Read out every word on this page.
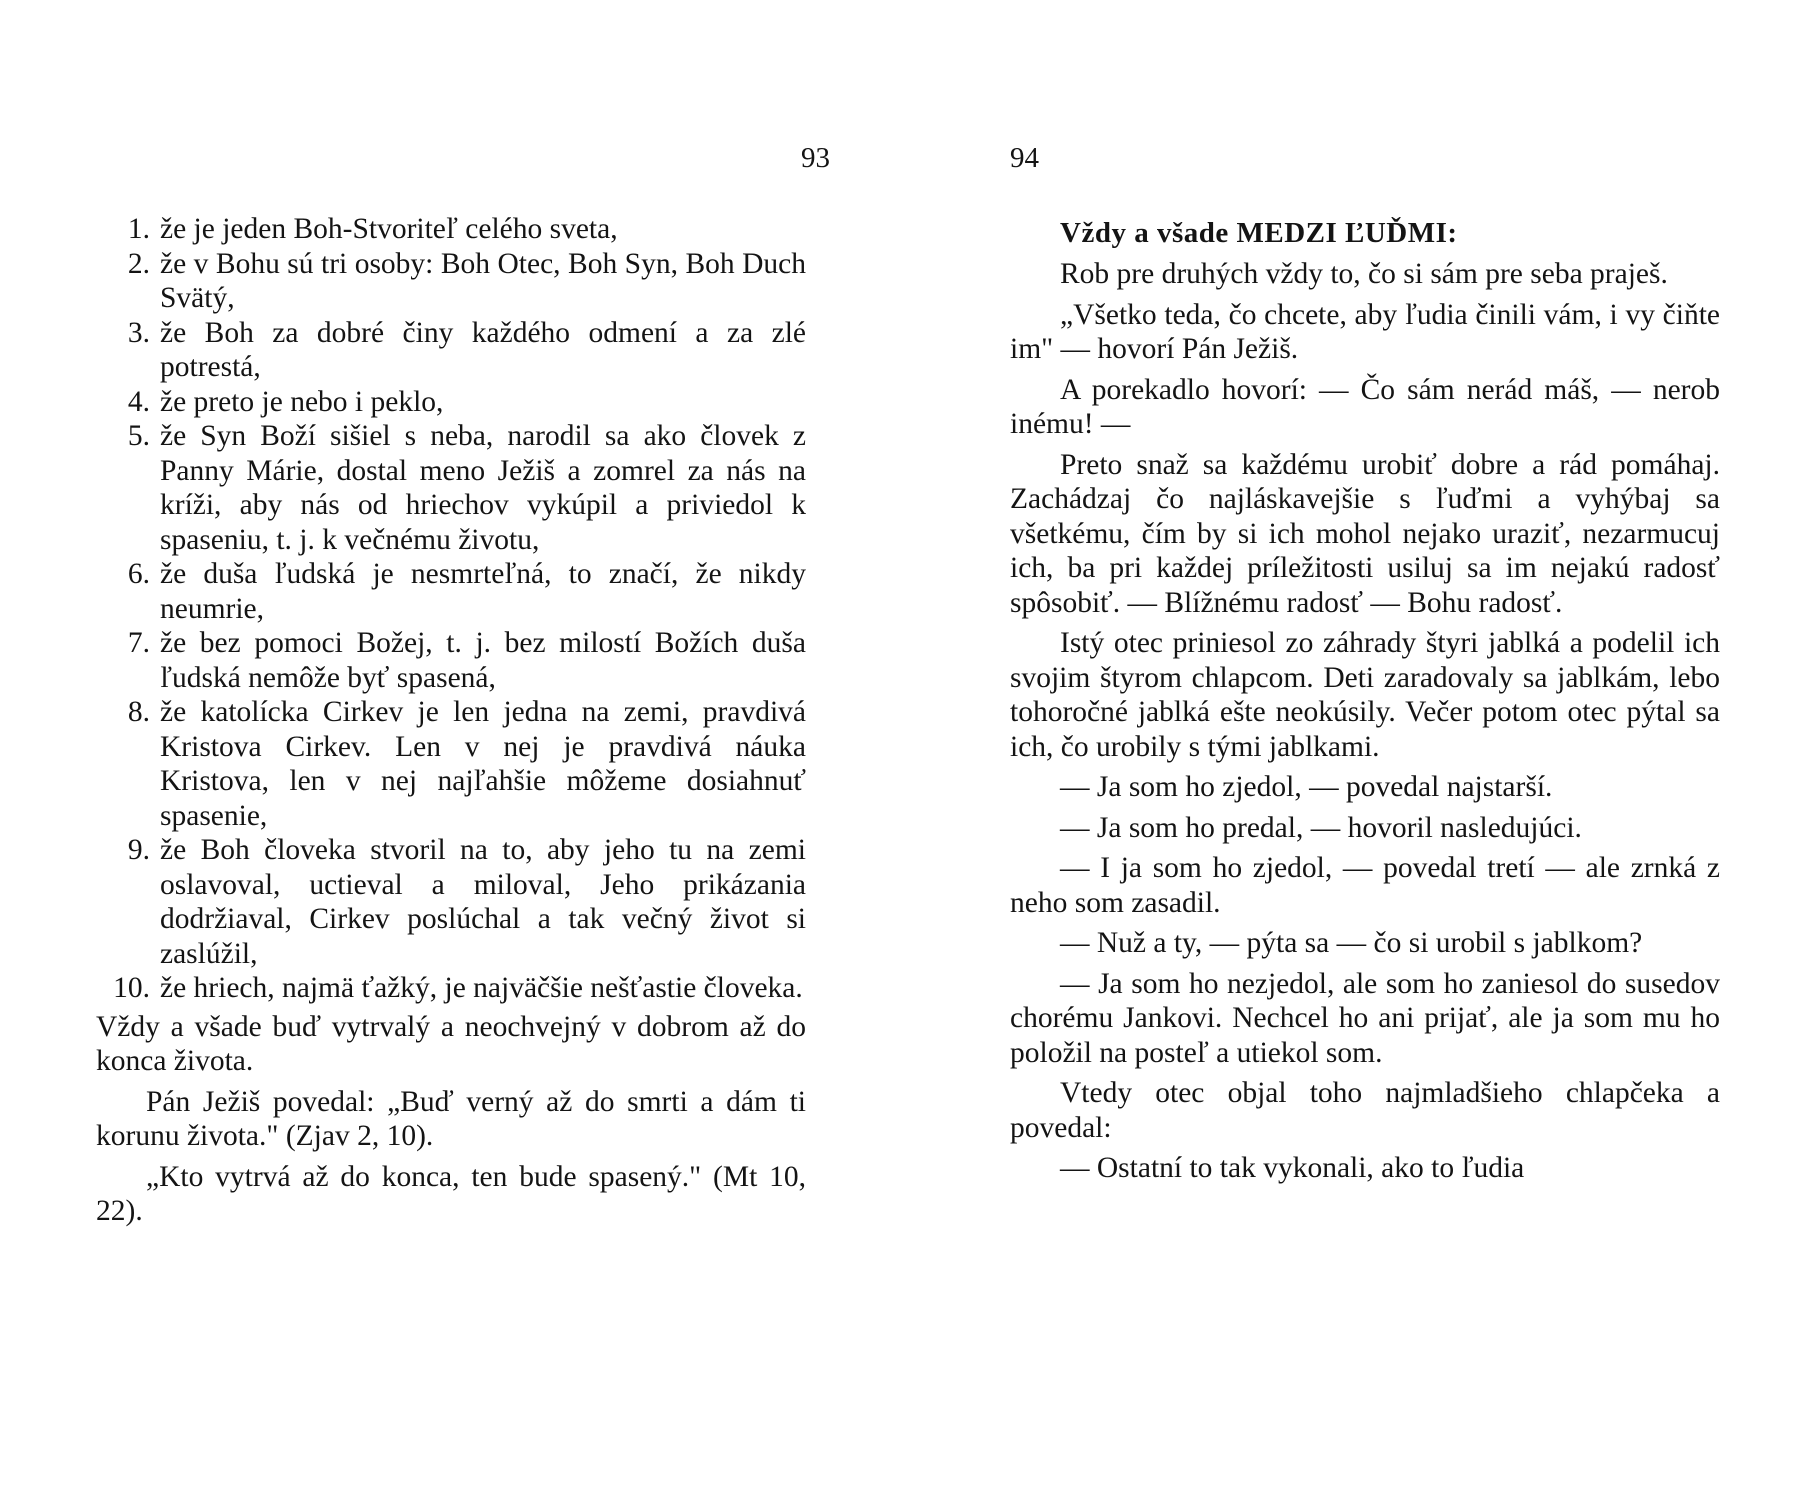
93
1. že je jeden Boh-Stvoriteľ celého sveta,
2. že v Bohu sú tri osoby: Boh Otec, Boh Syn, Boh Duch Svätý,
3. že Boh za dobré činy každého odmení a za zlé potrestá,
4. že preto je nebo i peklo,
5. že Syn Boží sišiel s neba, narodil sa ako človek z Panny Márie, dostal meno Ježiš a zomrel za nás na kríži, aby nás od hriechov vykúpil a priviedol k spaseniu, t. j. k večnému životu,
6. že duša ľudská je nesmrteľná, to značí, že nikdy neumrie,
7. že bez pomoci Božej, t. j. bez milostí Božích duša ľudská nemôže byť spasená,
8. že katolícka Cirkev je len jedna na zemi, pravdivá Kristova Cirkev. Len v nej je pravdivá náuka Kristova, len v nej najľahšie môžeme dosiahnuť spasenie,
9. že Boh človeka stvoril na to, aby jeho tu na zemi oslavoval, uctieval a miloval, Jeho prikázania dodržiaval, Cirkev poslúchal a tak večný život si zaslúžil,
10. že hriech, najmä ťažký, je najväčšie nešťastie človeka.

Vždy a všade buď vytrvalý a neochvejný v dobrom až do konca života.

Pán Ježiš povedal: „Buď verný až do smrti a dám ti korunu života." (Zjav 2, 10).

„Kto vytrvá až do konca, ten bude spasený." (Mt 10, 22).

94
Vždy a všade MEDZI ĽUĎMI:

Rob pre druhých vždy to, čo si sám pre seba praješ.

„Všetko teda, čo chcete, aby ľudia činili vám, i vy čiňte im" — hovorí Pán Ježiš.

A porekadlo hovorí: — Čo sám nerád máš, — nerob inému! —

Preto snaž sa každému urobiť dobre a rád pomáhaj. Zachádzaj čo najláskavejšie s ľuďmi a vyhýbaj sa všetkému, čím by si ich mohol nejako uraziť, nezarmucuj ich, ba pri každej príležitosti usiluj sa im nejakú radosť spôsobiť. — Blížnému radosť — Bohu radosť.

Istý otec priniesol zo záhrady štyri jablká a podelil ich svojim štyrom chlapcom. Deti zaradovaly sa jablkám, lebo tohoročné jablká ešte neokúsily. Večer potom otec pýtal sa ich, čo urobily s tými jablkami.

— Ja som ho zjedol, — povedal najstarší.

— Ja som ho predal, — hovoril nasledujúci.

— I ja som ho zjedol, — povedal tretí — ale zrnká z neho som zasadil.

— Nuž a ty, — pýta sa — čo si urobil s jablkom?

— Ja som ho nezjedol, ale som ho zaniesol do susedov chorému Jankovi. Nechcel ho ani prijať, ale ja som mu ho položil na posteľ a utiekol som.

Vtedy otec objal toho najmladšieho chlapčeka a povedal:

— Ostatní to tak vykonali, ako to ľudia
